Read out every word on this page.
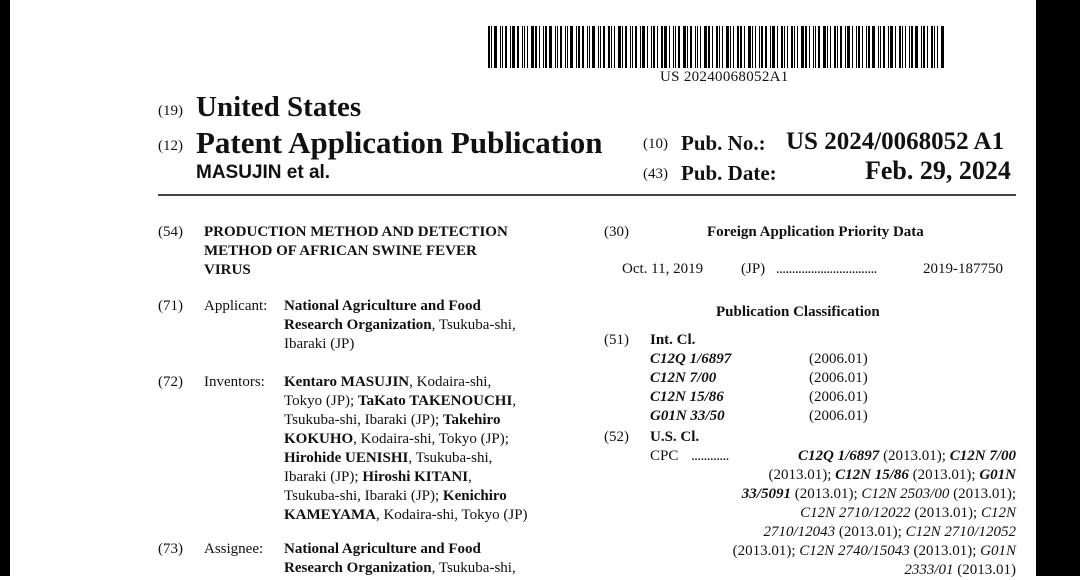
US 20240068052A1
(19) United States
(12) Patent Application Publication
MASUJIN et al.
(10) Pub. No.: US 2024/0068052 A1
(43) Pub. Date:	Feb. 29, 2024
(54) PRODUCTION METHOD AND DETECTION
METHOD OF AFRICAN SWINE FEVER
VIRUS
(71) Applicant: National Agriculture and Food
Research Organization, Tsukuba-shi,
Ibaraki (JP)
(72) Inventors: Kentaro MASUJIN, Kodaira-shi,
Tokyo (JP); TaKato TAKENOUCHI,
Tsukuba-shi, Ibaraki (JP); Takehiro
KOKUHO, Kodaira-shi, Tokyo (JP);
Hirohide UENISHI, Tsukuba-shi,
Ibaraki (JP); Hiroshi KITANI,
Tsukuba-shi, Ibaraki (JP); Kenichiro
KAMEYAMA, Kodaira-shi, Tokyo (JP)
(73) Assignee: National Agriculture and Food
Research Organization, Tsukuba-shi,
(30)	Foreign Application Priority Data
Oct. 11, 2019	(JP) ................................	2019-187750
Publication Classification
(51) Int. Cl.
C12Q 1/6897	(2006.01)
C12N 7/00	(2006.01)
C12N 15/86	(2006.01)
G01N 33/50	(2006.01)
(52) U.S. Cl.
CPC ............	C12Q 1/6897 (2013.01); C12N 7/00
(2013.01); C12N 15/86 (2013.01); G01N
33/5091 (2013.01); C12N 2503/00 (2013.01);
C12N 2710/12022 (2013.01); C12N
2710/12043 (2013.01); C12N 2710/12052
(2013.01); C12N 2740/15043 (2013.01); G01N
2333/01 (2013.01)
